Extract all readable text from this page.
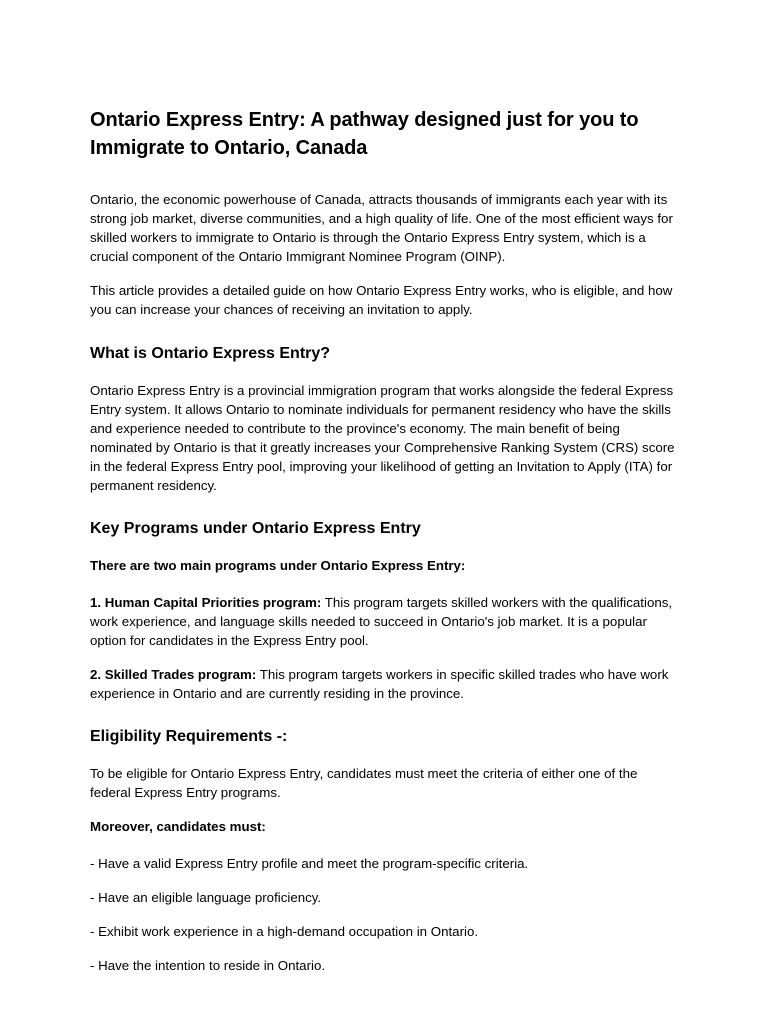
Ontario Express Entry: A pathway designed just for you to Immigrate to Ontario, Canada

Ontario, the economic powerhouse of Canada, attracts thousands of immigrants each year with its strong job market, diverse communities, and a high quality of life. One of the most efficient ways for skilled workers to immigrate to Ontario is through the Ontario Express Entry system, which is a crucial component of the Ontario Immigrant Nominee Program (OINP).

This article provides a detailed guide on how Ontario Express Entry works, who is eligible, and how you can increase your chances of receiving an invitation to apply.

What is Ontario Express Entry?

Ontario Express Entry is a provincial immigration program that works alongside the federal Express Entry system. It allows Ontario to nominate individuals for permanent residency who have the skills and experience needed to contribute to the province's economy. The main benefit of being nominated by Ontario is that it greatly increases your Comprehensive Ranking System (CRS) score in the federal Express Entry pool, improving your likelihood of getting an Invitation to Apply (ITA) for permanent residency.

Key Programs under Ontario Express Entry

There are two main programs under Ontario Express Entry:

1. Human Capital Priorities program: This program targets skilled workers with the qualifications, work experience, and language skills needed to succeed in Ontario's job market. It is a popular option for candidates in the Express Entry pool.

2. Skilled Trades program: This program targets workers in specific skilled trades who have work experience in Ontario and are currently residing in the province.

Eligibility Requirements -:

To be eligible for Ontario Express Entry, candidates must meet the criteria of either one of the federal Express Entry programs.

Moreover, candidates must:

- Have a valid Express Entry profile and meet the program-specific criteria.

- Have an eligible language proficiency.

- Exhibit work experience in a high-demand occupation in Ontario.

- Have the intention to reside in Ontario.
